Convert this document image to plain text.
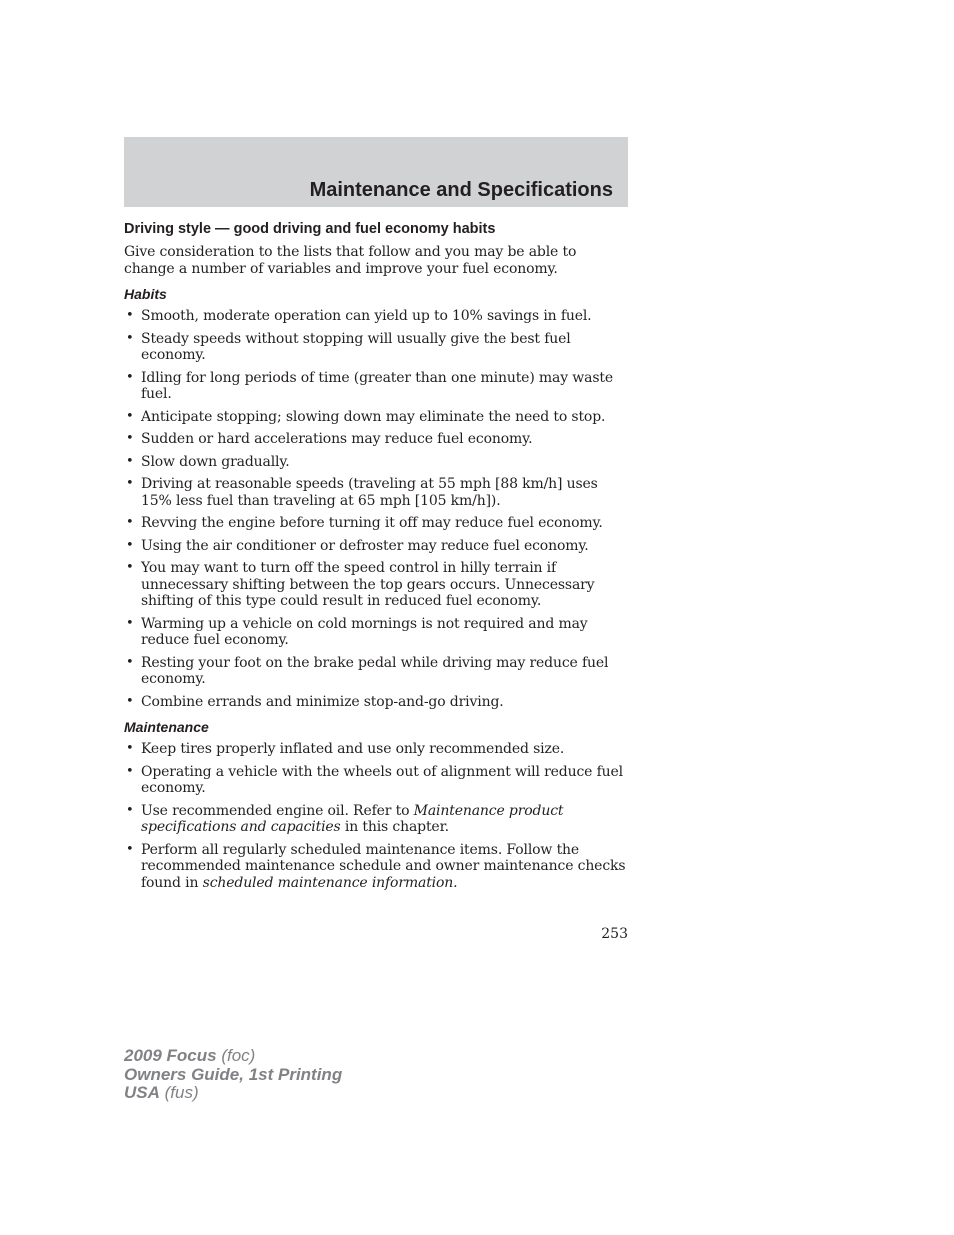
Maintenance and Specifications
Driving style — good driving and fuel economy habits

Give consideration to the lists that follow and you may be able to change a number of variables and improve your fuel economy.

Habits
• Smooth, moderate operation can yield up to 10% savings in fuel.
• Steady speeds without stopping will usually give the best fuel economy.
• Idling for long periods of time (greater than one minute) may waste fuel.
• Anticipate stopping; slowing down may eliminate the need to stop.
• Sudden or hard accelerations may reduce fuel economy.
• Slow down gradually.
• Driving at reasonable speeds (traveling at 55 mph [88 km/h] uses 15% less fuel than traveling at 65 mph [105 km/h]).
• Revving the engine before turning it off may reduce fuel economy.
• Using the air conditioner or defroster may reduce fuel economy.
• You may want to turn off the speed control in hilly terrain if unnecessary shifting between the top gears occurs. Unnecessary shifting of this type could result in reduced fuel economy.
• Warming up a vehicle on cold mornings is not required and may reduce fuel economy.
• Resting your foot on the brake pedal while driving may reduce fuel economy.
• Combine errands and minimize stop-and-go driving.
Maintenance
• Keep tires properly inflated and use only recommended size.
• Operating a vehicle with the wheels out of alignment will reduce fuel economy.
• Use recommended engine oil. Refer to Maintenance product specifications and capacities in this chapter.
• Perform all regularly scheduled maintenance items. Follow the recommended maintenance schedule and owner maintenance checks found in scheduled maintenance information.
253
2009 Focus (foc)
Owners Guide, 1st Printing
USA (fus)
